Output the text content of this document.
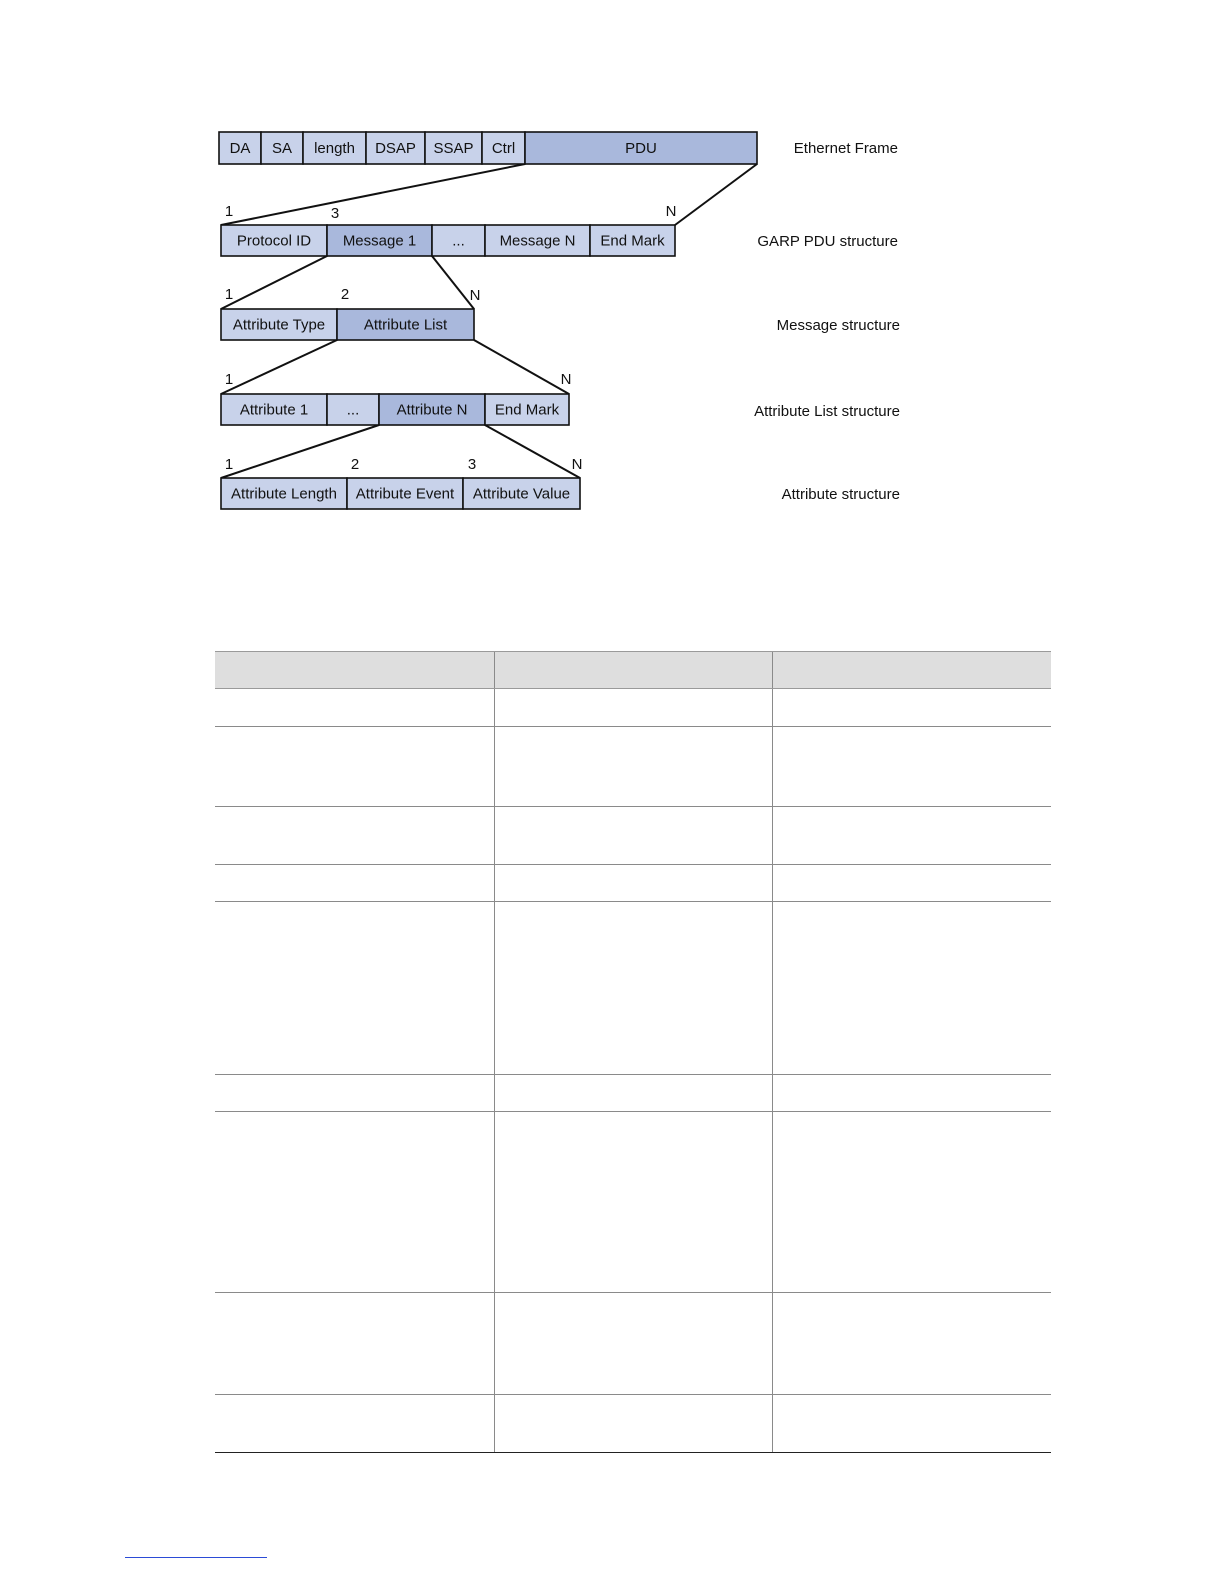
DA SA length DSAP SSAP Ctrl	PDU	Ethernet Frame
Protocol ID Message 1 ... Message N End Mark
1	3	N
GARP PDU structure
Attribute Type	Attribute List
1	2	N
Message structure
Attribute 1	... Attribute N End Mark
1	N
Attribute List structure
Attribute Length Attribute Event Attribute Value
1	2	3	N
Attribute structure
